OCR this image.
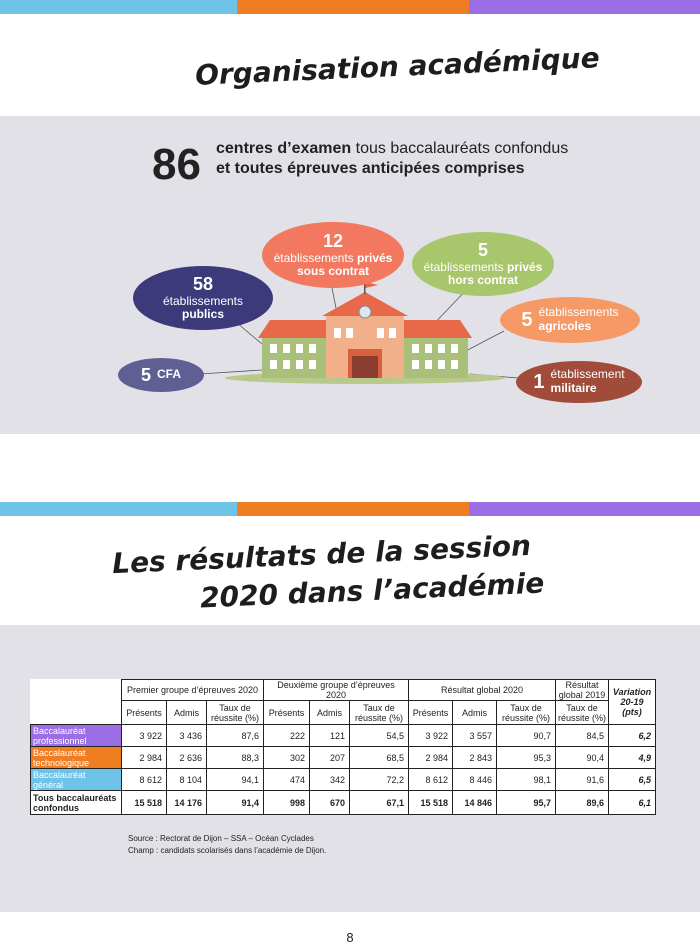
Organisation académique
86 centres d’examen tous baccalauréats confondus
et toutes épreuves anticipées comprises
58
établissements
publics
12
établissements privés
sous contrat
5
établissements privés
hors contrat
5 établissements
agricoles
5 CFA	1 établissement
militaire
Les résultats de la session
2020 dans l’académie
	Premier groupe d’épreuves 2020			Deuxième groupe d’épreuves 2020			Résultat global 2020			Résultat global 2019	Variation 20-19 (pts)
	Présents	Admis	Taux de réussite (%)	Présents	Admis	Taux de réussite (%)	Présents	Admis	Taux de réussite (%)	Taux de réussite (%)	

Baccalauréat
professionnel	3 922	3 436	87,6	222	121	54,5	3 922	3 557	90,7	84,5	6,2

Baccalauréat
technologique	2 984	2 636	88,3	302	207	68,5	2 984	2 843	95,3	90,4	4,9

Baccalauréat
général	8 612	8 104	94,1	474	342	72,2	8 612	8 446	98,1	91,6	6,5
Tous baccalauréats
confondus	15 518	14 176	91,4	998	670	67,1	15 518	14 846	95,7	89,6	6,1
Source : Rectorat de Dijon – SSA – Océan Cyclades
Champ : candidats scolarisés dans l’académie de Dijon.
8
